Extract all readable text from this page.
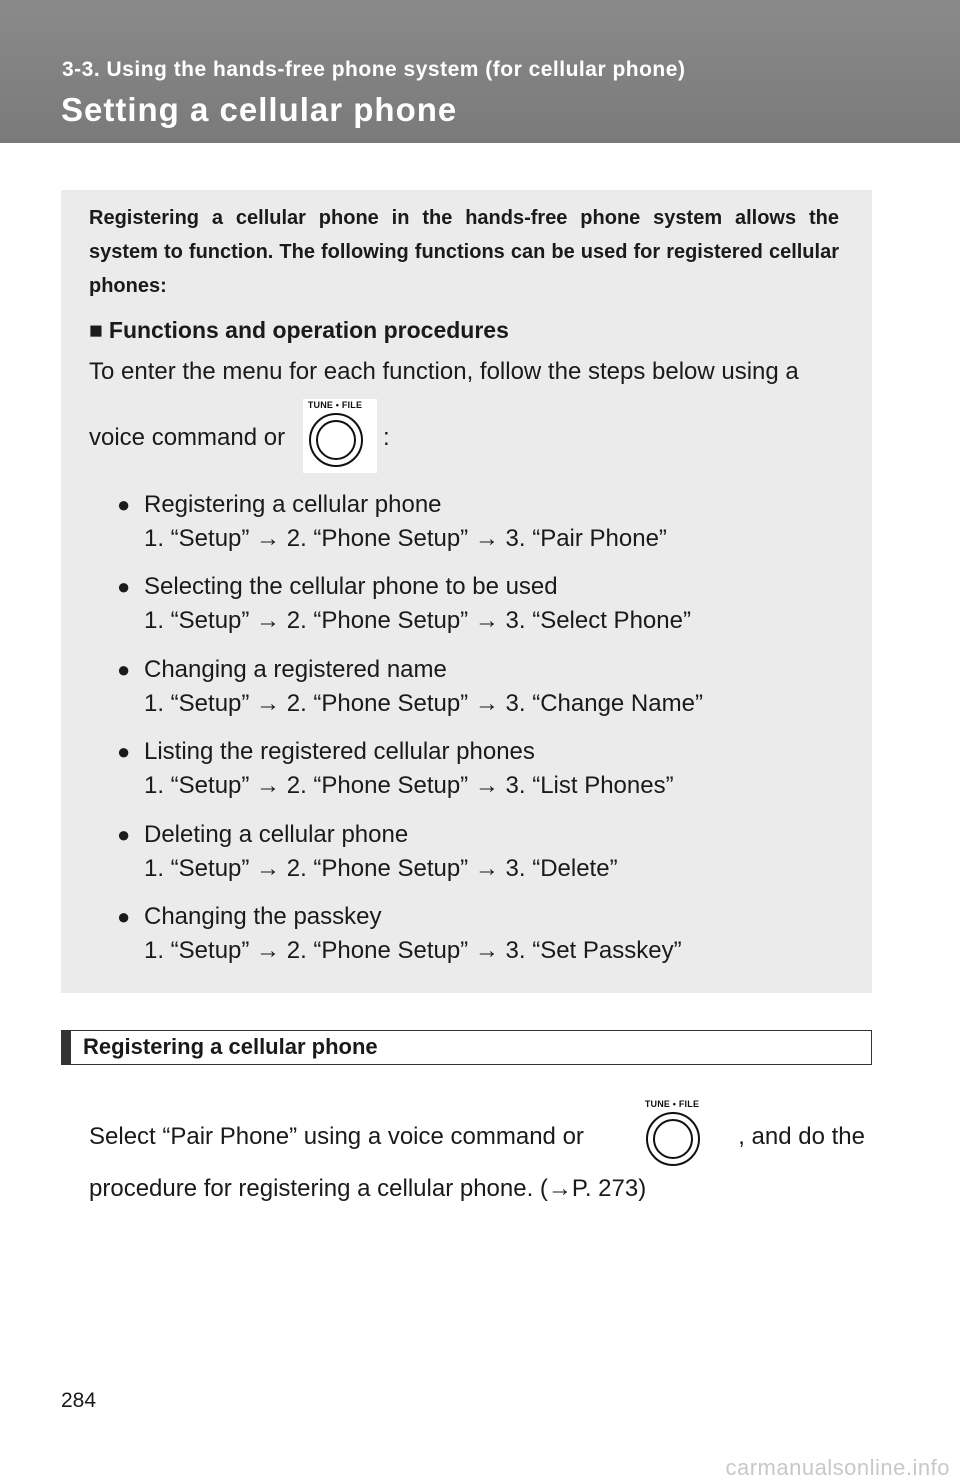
3-3. Using the hands-free phone system (for cellular phone)
Setting a cellular phone
Registering a cellular phone in the hands-free phone system allows the system to function. The following functions can be used for registered cellular phones:
■ Functions and operation procedures
To enter the menu for each function, follow the steps below using a
voice command or
TUNE • FILE
:
● Registering a cellular phone
1. “Setup” → 2. “Phone Setup” → 3. “Pair Phone”
● Selecting the cellular phone to be used
1. “Setup” → 2. “Phone Setup” → 3. “Select Phone”
● Changing a registered name
1. “Setup” → 2. “Phone Setup” → 3. “Change Name”
● Listing the registered cellular phones
1. “Setup” → 2. “Phone Setup” → 3. “List Phones”
● Deleting a cellular phone
1. “Setup” → 2. “Phone Setup” → 3. “Delete”
● Changing the passkey
1. “Setup” → 2. “Phone Setup” → 3. “Set Passkey”
Registering a cellular phone
Select “Pair Phone” using a voice command or	, and do the
TUNE • FILE
procedure for registering a cellular phone. (→P. 273)
284
carmanualsonline.info
